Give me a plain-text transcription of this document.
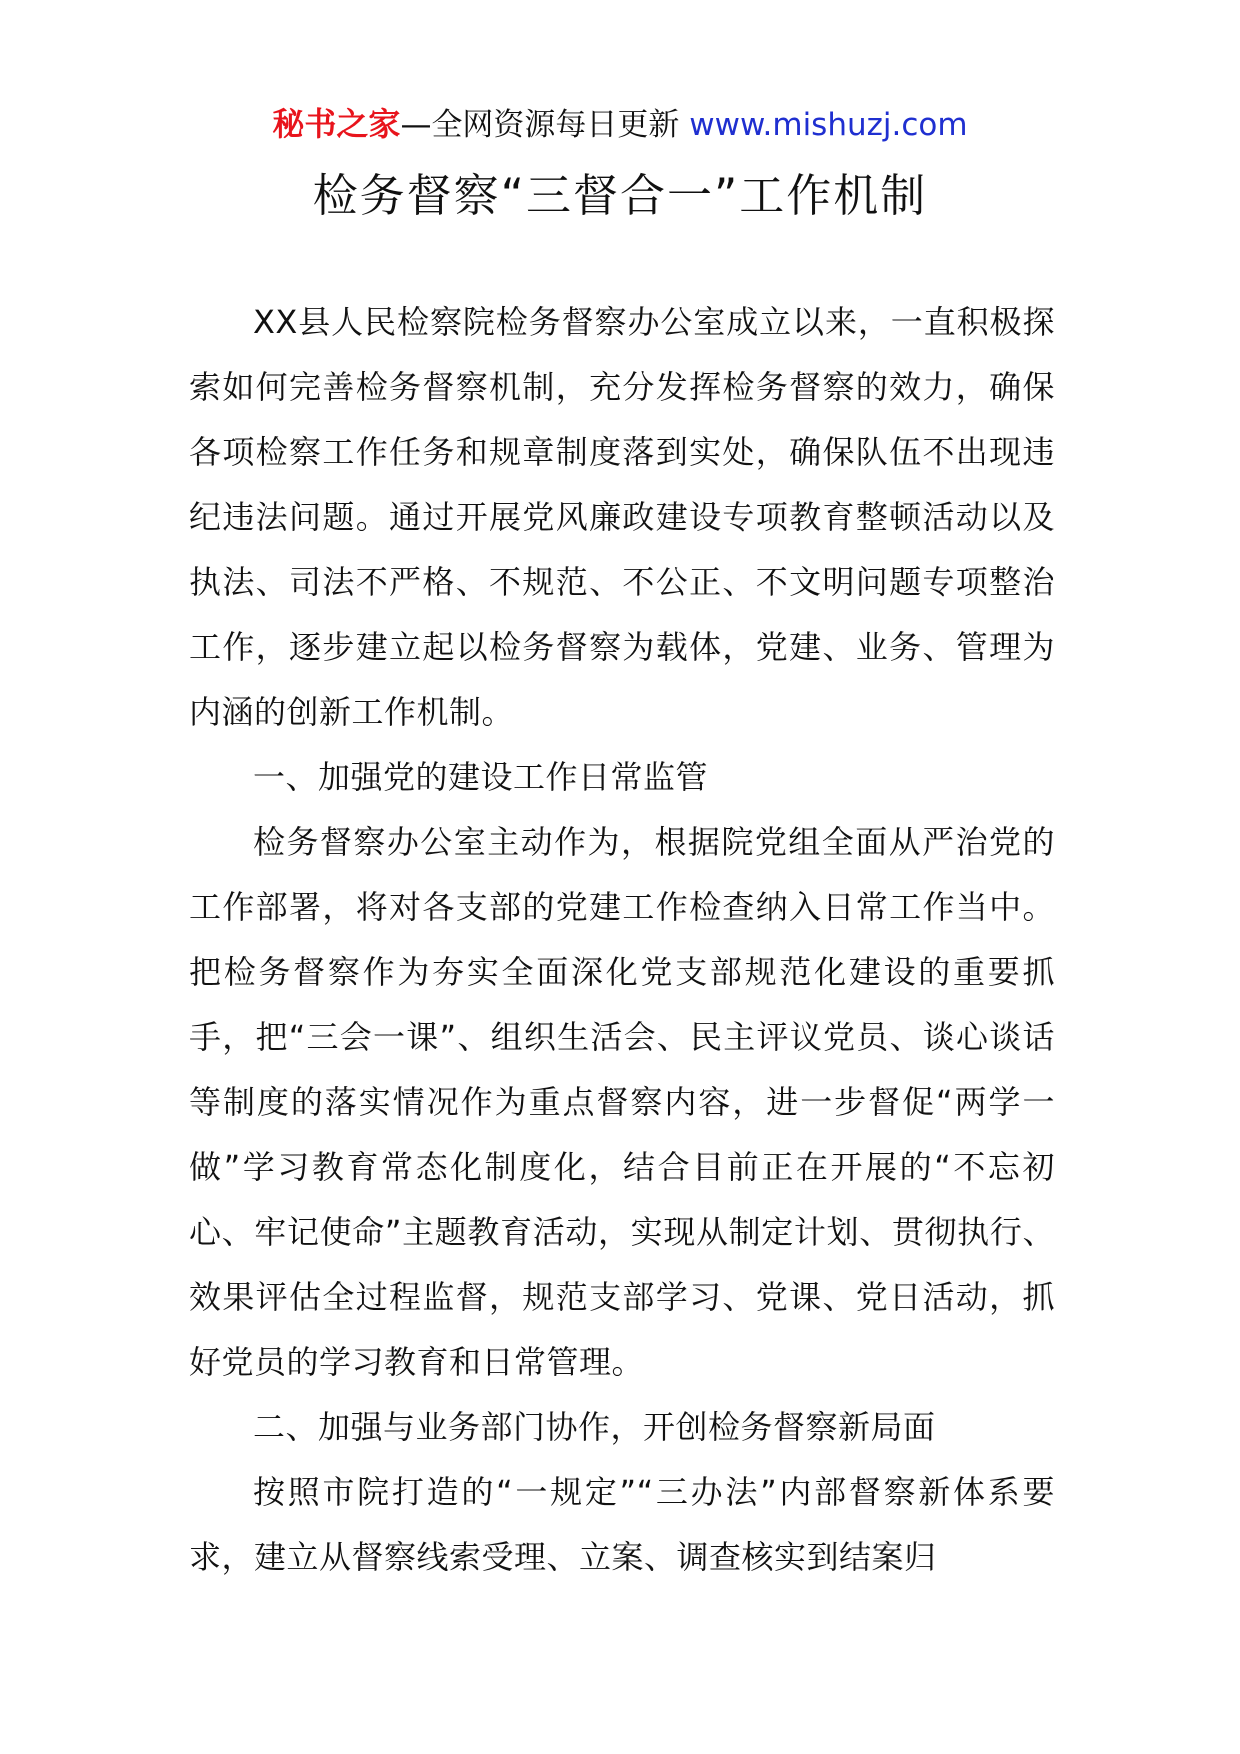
秘书之家—全网资源每日更新 www.mishuzj.com
检务督察“三督合一”工作机制

XX县人民检察院检务督察办公室成立以来，一直积极探索如何完善检务督察机制，充分发挥检务督察的效力，确保各项检察工作任务和规章制度落到实处，确保队伍不出现违纪违法问题。通过开展党风廉政建设专项教育整顿活动以及执法、司法不严格、不规范、不公正、不文明问题专项整治工作，逐步建立起以检务督察为载体，党建、业务、管理为内涵的创新工作机制。

一、加强党的建设工作日常监管

检务督察办公室主动作为，根据院党组全面从严治党的工作部署，将对各支部的党建工作检查纳入日常工作当中。把检务督察作为夯实全面深化党支部规范化建设的重要抓手，把“三会一课”、组织生活会、民主评议党员、谈心谈话等制度的落实情况作为重点督察内容，进一步督促“两学一做”学习教育常态化制度化，结合目前正在开展的“不忘初心、牢记使命”主题教育活动，实现从制定计划、贯彻执行、效果评估全过程监督，规范支部学习、党课、党日活动，抓好党员的学习教育和日常管理。

二、加强与业务部门协作，开创检务督察新局面

按照市院打造的“一规定”“三办法”内部督察新体系要求，建立从督察线索受理、立案、调查核实到结案归
